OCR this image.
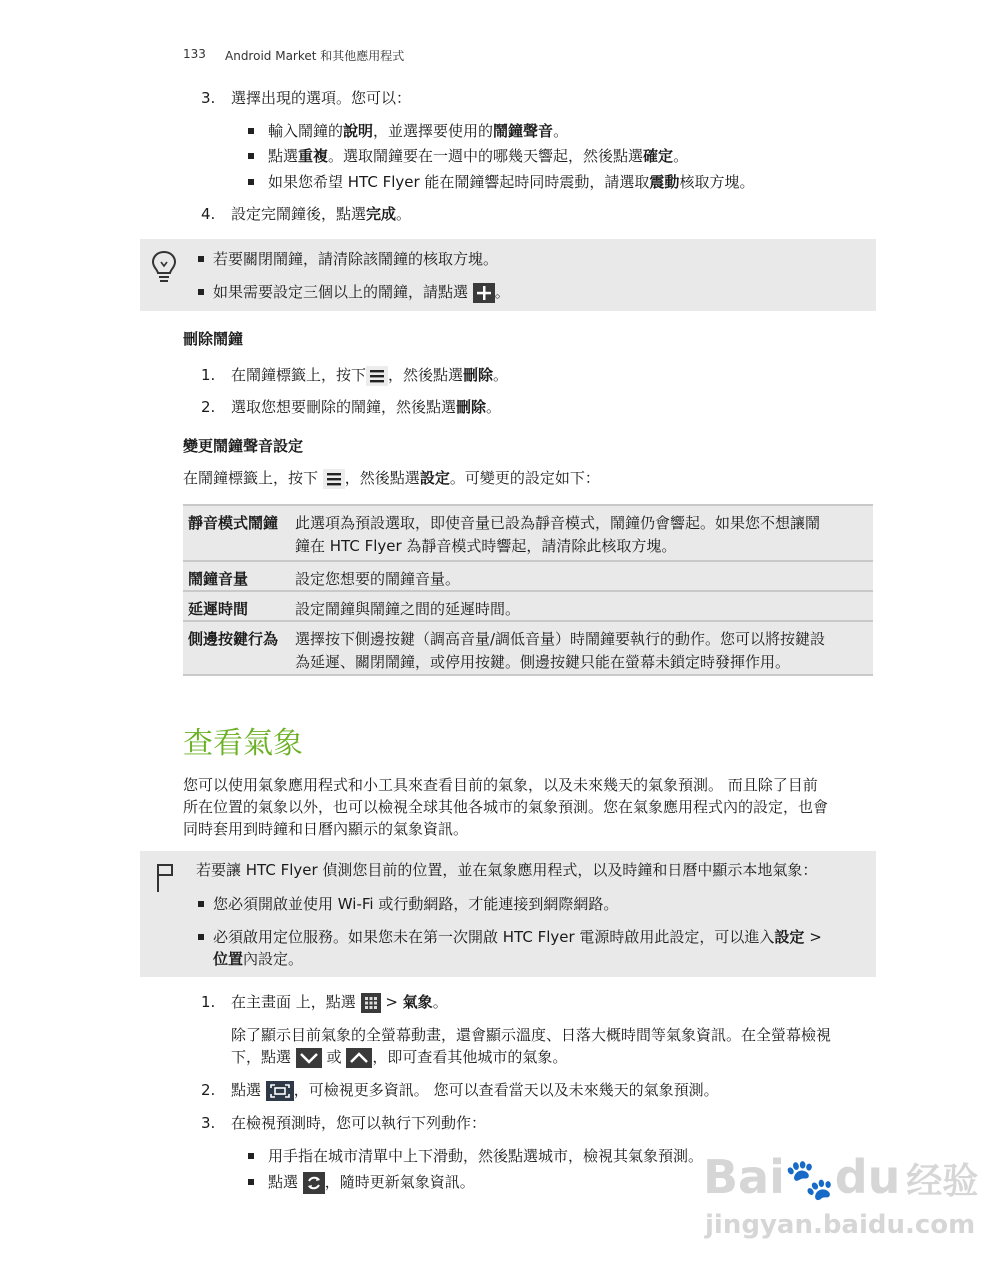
133 Android Market 和其他應用程式
3. 選擇出現的選項。您可以：
輸入鬧鐘的說明，並選擇要使用的鬧鐘聲音。
點選重複。選取鬧鐘要在一週中的哪幾天響起，然後點選確定。
如果您希望 HTC Flyer 能在鬧鐘響起時同時震動，請選取震動核取方塊。
4. 設定完鬧鐘後，點選完成。
若要關閉鬧鐘，請清除該鬧鐘的核取方塊。
如果需要設定三個以上的鬧鐘，請點選 。
刪除鬧鐘
1. 在鬧鐘標籤上，按下 ，然後點選刪除。
2. 選取您想要刪除的鬧鐘，然後點選刪除。
變更鬧鐘聲音設定
在鬧鐘標籤上，按下 ，然後點選設定。可變更的設定如下：
靜音模式鬧鐘 此選項為預設選取，即使音量已設為靜音模式，鬧鐘仍會響起。如果您不想讓鬧
鐘在 HTC Flyer 為靜音模式時響起，請清除此核取方塊。
鬧鐘音量	設定您想要的鬧鐘音量。
延遲時間	設定鬧鐘與鬧鐘之間的延遲時間。
側邊按鍵行為 選擇按下側邊按鍵（調高音量/調低音量）時鬧鐘要執行的動作。您可以將按鍵設
為延遲、關閉鬧鐘，或停用按鍵。側邊按鍵只能在螢幕未鎖定時發揮作用。
查看氣象
您可以使用氣象應用程式和小工具來查看目前的氣象，以及未來幾天的氣象預測。 而且除了目前
所在位置的氣象以外，也可以檢視全球其他各城市的氣象預測。您在氣象應用程式內的設定，也會
同時套用到時鐘和日曆內顯示的氣象資訊。
若要讓 HTC Flyer 偵測您目前的位置，並在氣象應用程式，以及時鐘和日曆中顯示本地氣象：
您必須開啟並使用 Wi-Fi 或行動網路，才能連接到網際網路。
必須啟用定位服務。如果您未在第一次開啟 HTC Flyer 電源時啟用此設定，可以進入設定 >
位置內設定。
1. 在主畫面 上，點選  > 氣象。
除了顯示目前氣象的全螢幕動畫，還會顯示溫度、日落大概時間等氣象資訊。在全螢幕檢視
下，點選 或 ，即可查看其他城市的氣象。
2. 點選 ，可檢視更多資訊。 您可以查看當天以及未來幾天的氣象預測。
3. 在檢視預測時，您可以執行下列動作：
用手指在城市清單中上下滑動，然後點選城市，檢視其氣象預測。
點選 ，隨時更新氣象資訊。	Bai🐾du 经验
jingyan.baidu.com
